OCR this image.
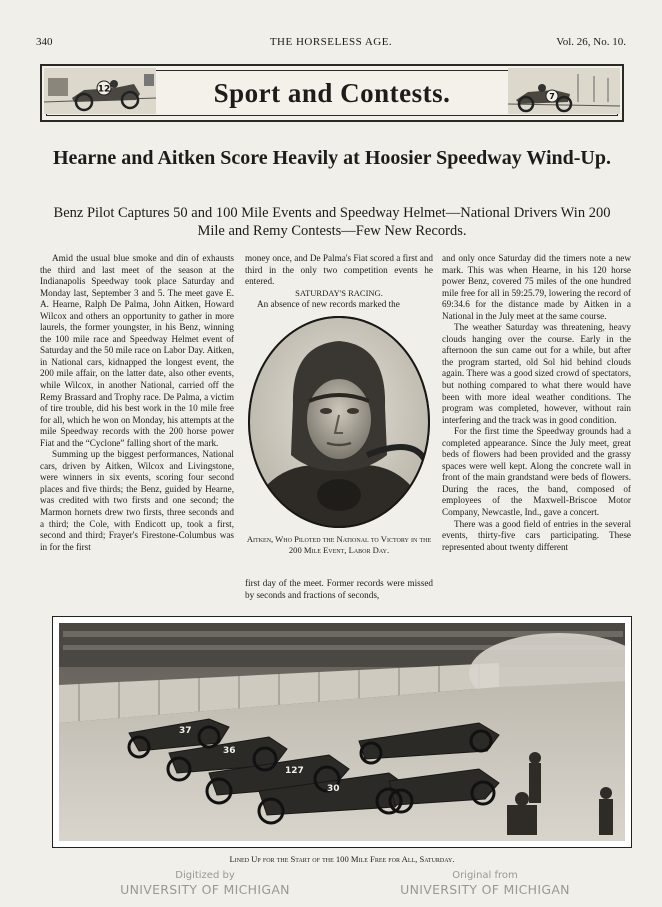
340	THE HORSELESS AGE.	Vol. 26, No. 10.
12	Sport and Contests.	7
Hearne and Aitken Score Heavily at Hoosier Speedway Wind-Up.
Benz Pilot Captures 50 and 100 Mile Events and Speedway Helmet—National Drivers Win 200 Mile and Remy Contests—Few New Records.

Amid the usual blue smoke and din of exhausts the third and last meet of the season at the Indianapolis Speedway took place Saturday and Monday last, September 3 and 5. The meet gave E. A. Hearne, Ralph De Palma, John Aitken, Howard Wilcox and others an opportunity to gather in more laurels, the former youngster, in his Benz, winning the 100 mile race and Speedway Helmet event of Saturday and the 50 mile race on Labor Day. Aitken, in National cars, kidnapped the longest event, the 200 mile affair, on the latter date, also other events, while Wilcox, in another National, carried off the Remy Brassard and Trophy race. De Palma, a victim of tire trouble, did his best work in the 10 mile free for all, which he won on Monday, his attempts at the mile Speedway records with the 200 horse power Fiat and the “Cyclone” falling short of the mark.

Summing up the biggest performances, National cars, driven by Aitken, Wilcox and Livingstone, were winners in six events, scoring four second places and five thirds; the Benz, guided by Hearne, was credited with two firsts and one second; the Marmon hornets drew two firsts, three seconds and a third; the Cole, with Endicott up, took a first, second and third; Frayer's Firestone-Columbus was in for the first

money once, and De Palma's Fiat scored a first and third in the only two competition events he entered.

SATURDAY'S RACING.

An absence of new records marked the

Aitken, Who Piloted the National to Victory in the 200 Mile Event, Labor Day.

first day of the meet. Former records were missed by seconds and fractions of seconds,

and only once Saturday did the timers note a new mark. This was when Hearne, in his 120 horse power Benz, covered 75 miles of the one hundred mile free for all in 59:25.79, lowering the record of 69:34.6 for the distance made by Aitken in a National in the July meet at the same course.

The weather Saturday was threatening, heavy clouds hanging over the course. Early in the afternoon the sun came out for a while, but after the program started, old Sol hid behind clouds again. There was a good sized crowd of spectators, but nothing compared to what there would have been with more ideal weather conditions. The program was completed, however, without rain interfering and the track was in good condition.

For the first time the Speedway grounds had a completed appearance. Since the July meet, great beds of flowers had been provided and the grassy spaces were well kept. Along the concrete wall in front of the main grandstand were beds of flowers. During the races, the band, composed of employees of the Maxwell-Briscoe Motor Company, Newcastle, Ind., gave a concert.

There was a good field of entries in the several events, thirty-five cars participating. These represented about twenty different

37
36
127
30
Lined Up for the Start of the 100 Mile Free for All, Saturday.
Digitized by
UNIVERSITY OF MICHIGAN
Original from
UNIVERSITY OF MICHIGAN
